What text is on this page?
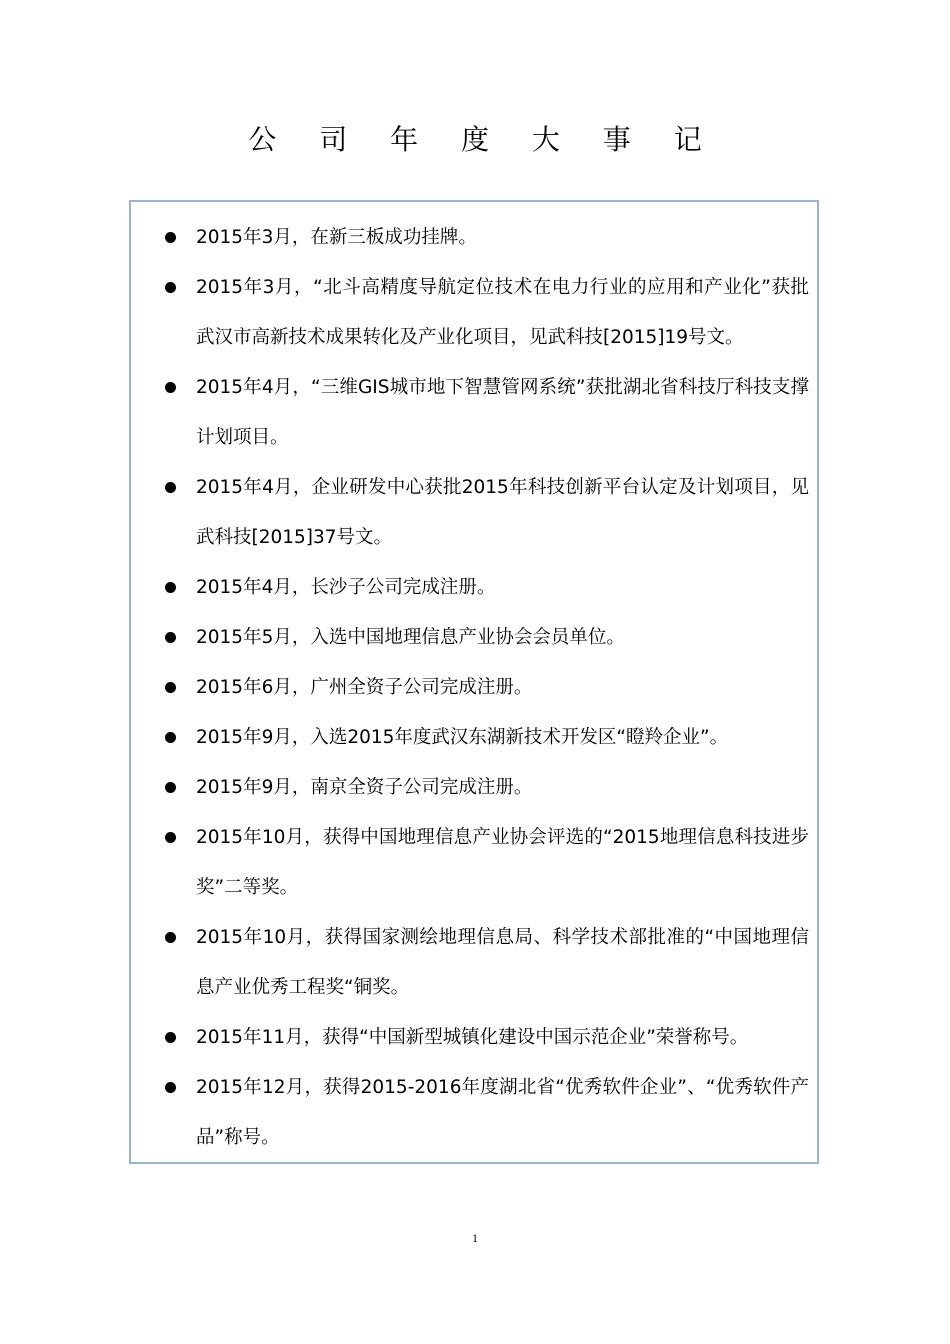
公 司 年 度 大 事 记
2015年3月，在新三板成功挂牌。
2015年3月，“北斗高精度导航定位技术在电力行业的应用和产业化”获批武汉市高新技术成果转化及产业化项目，见武科技[2015]19号文。
2015年4月，“三维GIS城市地下智慧管网系统”获批湖北省科技厅科技支撑计划项目。
2015年4月，企业研发中心获批2015年科技创新平台认定及计划项目，见武科技[2015]37号文。
2015年4月，长沙子公司完成注册。
2015年5月，入选中国地理信息产业协会会员单位。
2015年6月，广州全资子公司完成注册。
2015年9月，入选2015年度武汉东湖新技术开发区“瞪羚企业”。
2015年9月，南京全资子公司完成注册。
2015年10月，获得中国地理信息产业协会评选的“2015地理信息科技进步奖”二等奖。
2015年10月，获得国家测绘地理信息局、科学技术部批准的“中国地理信息产业优秀工程奖“铜奖。
2015年11月，获得“中国新型城镇化建设中国示范企业”荣誉称号。
2015年12月，获得2015-2016年度湖北省“优秀软件企业”、“优秀软件产品”称号。
1
